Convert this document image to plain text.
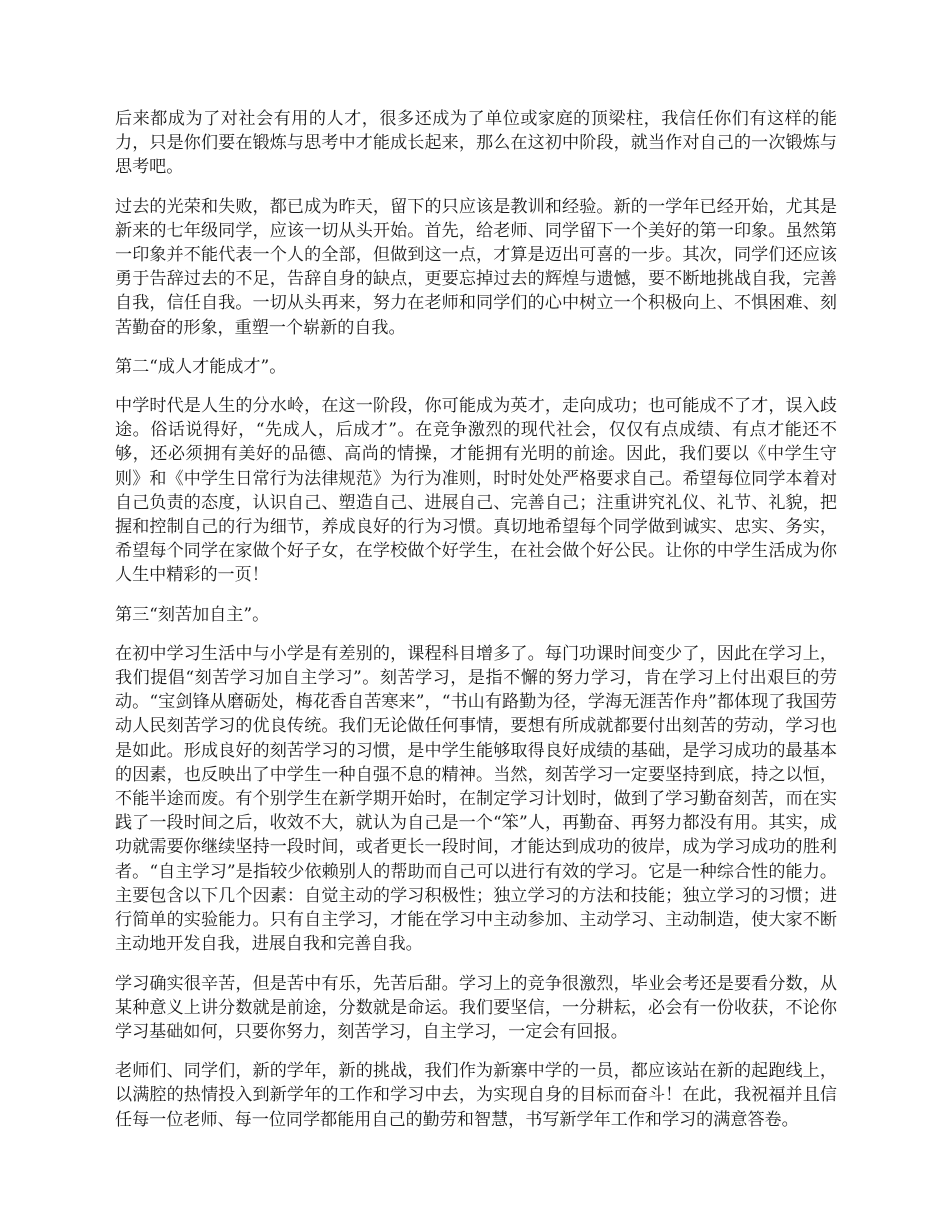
后来都成为了对社会有用的人才，很多还成为了单位或家庭的顶梁柱，我信任你们有这样的能力，只是你们要在锻炼与思考中才能成长起来，那么在这初中阶段，就当作对自己的一次锻炼与思考吧。

过去的光荣和失败，都已成为昨天，留下的只应该是教训和经验。新的一学年已经开始，尤其是新来的七年级同学，应该一切从头开始。首先，给老师、同学留下一个美好的第一印象。虽然第一印象并不能代表一个人的全部，但做到这一点，才算是迈出可喜的一步。其次，同学们还应该勇于告辞过去的不足，告辞自身的缺点，更要忘掉过去的辉煌与遗憾，要不断地挑战自我，完善自我，信任自我。一切从头再来，努力在老师和同学们的心中树立一个积极向上、不惧困难、刻苦勤奋的形象，重塑一个崭新的自我。

第二“成人才能成才”。

中学时代是人生的分水岭，在这一阶段，你可能成为英才，走向成功；也可能成不了才，误入歧途。俗话说得好，“先成人，后成才”。在竞争激烈的现代社会，仅仅有点成绩、有点才能还不够，还必须拥有美好的品德、高尚的情操，才能拥有光明的前途。因此，我们要以《中学生守则》和《中学生日常行为法律规范》为行为准则，时时处处严格要求自己。希望每位同学本着对自己负责的态度，认识自己、塑造自己、进展自己、完善自己；注重讲究礼仪、礼节、礼貌，把握和控制自己的行为细节，养成良好的行为习惯。真切地希望每个同学做到诚实、忠实、务实，希望每个同学在家做个好子女，在学校做个好学生，在社会做个好公民。让你的中学生活成为你人生中精彩的一页！

第三“刻苦加自主”。

在初中学习生活中与小学是有差别的，课程科目增多了。每门功课时间变少了，因此在学习上，我们提倡“刻苦学习加自主学习”。刻苦学习，是指不懈的努力学习，肯在学习上付出艰巨的劳动。“宝剑锋从磨砺处，梅花香自苦寒来”，“书山有路勤为径，学海无涯苦作舟”都体现了我国劳动人民刻苦学习的优良传统。我们无论做任何事情，要想有所成就都要付出刻苦的劳动，学习也是如此。形成良好的刻苦学习的习惯，是中学生能够取得良好成绩的基础，是学习成功的最基本的因素，也反映出了中学生一种自强不息的精神。当然，刻苦学习一定要坚持到底，持之以恒，不能半途而废。有个别学生在新学期开始时，在制定学习计划时，做到了学习勤奋刻苦，而在实践了一段时间之后，收效不大，就认为自己是一个“笨”人，再勤奋、再努力都没有用。其实，成功就需要你继续坚持一段时间，或者更长一段时间，才能达到成功的彼岸，成为学习成功的胜利者。“自主学习”是指较少依赖别人的帮助而自己可以进行有效的学习。它是一种综合性的能力。主要包含以下几个因素：自觉主动的学习积极性；独立学习的方法和技能；独立学习的习惯；进行简单的实验能力。只有自主学习，才能在学习中主动参加、主动学习、主动制造，使大家不断主动地开发自我，进展自我和完善自我。

学习确实很辛苦，但是苦中有乐，先苦后甜。学习上的竞争很激烈，毕业会考还是要看分数，从某种意义上讲分数就是前途，分数就是命运。我们要坚信，一分耕耘，必会有一份收获，不论你学习基础如何，只要你努力，刻苦学习，自主学习，一定会有回报。

老师们、同学们，新的学年，新的挑战，我们作为新寨中学的一员，都应该站在新的起跑线上，以满腔的热情投入到新学年的工作和学习中去，为实现自身的目标而奋斗！在此，我祝福并且信任每一位老师、每一位同学都能用自己的勤劳和智慧，书写新学年工作和学习的满意答卷。
